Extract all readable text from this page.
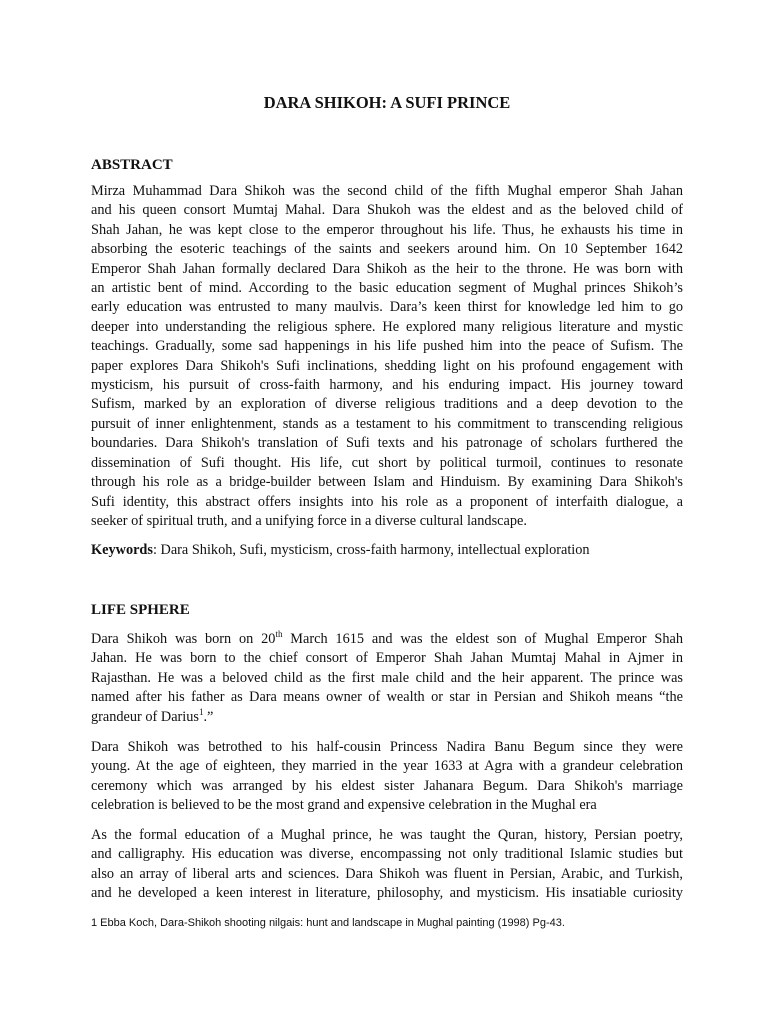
DARA SHIKOH: A SUFI PRINCE
ABSTRACT
Mirza Muhammad Dara Shikoh was the second child of the fifth Mughal emperor Shah Jahan
and his queen consort Mumtaj Mahal. Dara Shukoh was the eldest and as the beloved child of
Shah Jahan, he was kept close to the emperor throughout his life. Thus, he exhausts his time in
absorbing the esoteric teachings of the saints and seekers around him. On 10 September 1642
Emperor Shah Jahan formally declared Dara Shikoh as the heir to the throne. He was born with
an artistic bent of mind. According to the basic education segment of Mughal princes Shikoh’s
early education was entrusted to many maulvis. Dara’s keen thirst for knowledge led him to go
deeper into understanding the religious sphere. He explored many religious literature and mystic
teachings. Gradually, some sad happenings in his life pushed him into the peace of Sufism. The
paper explores Dara Shikoh's Sufi inclinations, shedding light on his profound engagement with
mysticism, his pursuit of cross-faith harmony, and his enduring impact. His journey toward
Sufism, marked by an exploration of diverse religious traditions and a deep devotion to the
pursuit of inner enlightenment, stands as a testament to his commitment to transcending religious
boundaries. Dara Shikoh's translation of Sufi texts and his patronage of scholars furthered the
dissemination of Sufi thought. His life, cut short by political turmoil, continues to resonate
through his role as a bridge-builder between Islam and Hinduism. By examining Dara Shikoh's
Sufi identity, this abstract offers insights into his role as a proponent of interfaith dialogue, a
seeker of spiritual truth, and a unifying force in a diverse cultural landscape.

Keywords: Dara Shikoh, Sufi, mysticism, cross-faith harmony, intellectual exploration

LIFE SPHERE
Dara Shikoh was born on 20th March 1615 and was the eldest son of Mughal Emperor Shah
Jahan. He was born to the chief consort of Emperor Shah Jahan Mumtaj Mahal in Ajmer in
Rajasthan. He was a beloved child as the first male child and the heir apparent. The prince was
named after his father as Dara means owner of wealth or star in Persian and Shikoh means “the
grandeur of Darius$^1$.”
Dara Shikoh was betrothed to his half-cousin Princess Nadira Banu Begum since they were
young. At the age of eighteen, they married in the year 1633 at Agra with a grandeur celebration
ceremony which was arranged by his eldest sister Jahanara Begum. Dara Shikoh's marriage
celebration is believed to be the most grand and expensive celebration in the Mughal era
As the formal education of a Mughal prince, he was taught the Quran, history, Persian poetry,
and calligraphy. His education was diverse, encompassing not only traditional Islamic studies but
also an array of liberal arts and sciences. Dara Shikoh was fluent in Persian, Arabic, and Turkish,
and he developed a keen interest in literature, philosophy, and mysticism. His insatiable curiosity

1 Ebba Koch, Dara-Shikoh shooting nilgais: hunt and landscape in Mughal painting (1998) Pg-43.
